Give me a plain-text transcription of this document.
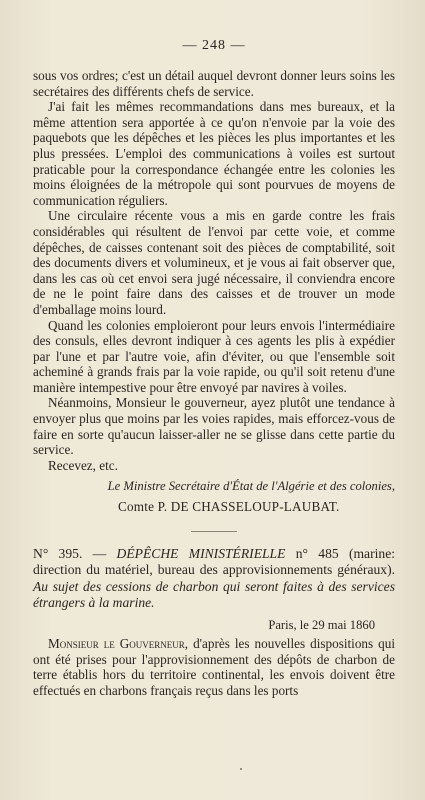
— 248 —

sous vos ordres; c'est un détail auquel devront donner leurs soins les secrétaires des différents chefs de service.

J'ai fait les mêmes recommandations dans mes bureaux, et la même attention sera apportée à ce qu'on n'envoie par la voie des paquebots que les dépêches et les pièces les plus importantes et les plus pressées. L'emploi des communications à voiles est surtout praticable pour la correspondance échangée entre les colonies les moins éloignées de la métropole qui sont pourvues de moyens de communication réguliers.

Une circulaire récente vous a mis en garde contre les frais considérables qui résultent de l'envoi par cette voie, et comme dépêches, de caisses contenant soit des pièces de comptabilité, soit des documents divers et volumineux, et je vous ai fait observer que, dans les cas où cet envoi sera jugé nécessaire, il conviendra encore de ne le point faire dans des caisses et de trouver un mode d'emballage moins lourd.

Quand les colonies emploieront pour leurs envois l'intermédiaire des consuls, elles devront indiquer à ces agents les plis à expédier par l'une et par l'autre voie, afin d'éviter, ou que l'ensemble soit acheminé à grands frais par la voie rapide, ou qu'il soit retenu d'une manière intempestive pour être envoyé par navires à voiles.

Néanmoins, Monsieur le gouverneur, ayez plutôt une tendance à envoyer plus que moins par les voies rapides, mais efforcez-vous de faire en sorte qu'aucun laisser-aller ne se glisse dans cette partie du service.

Recevez, etc.

Le Ministre Secrétaire d'État de l'Algérie et des colonies,
Comte P. DE CHASSELOUP-LAUBAT.

N° 395. — DÉPÊCHE MINISTÉRIELLE n° 485 (marine: direction du matériel, bureau des approvisionnements généraux). Au sujet des cessions de charbon qui seront faites à des services étrangers à la marine.

Paris, le 29 mai 1860

Monsieur le Gouverneur, d'après les nouvelles dispositions qui ont été prises pour l'approvisionnement des dépôts de charbon de terre établis hors du territoire continental, les envois doivent être effectués en charbons français reçus dans les ports
